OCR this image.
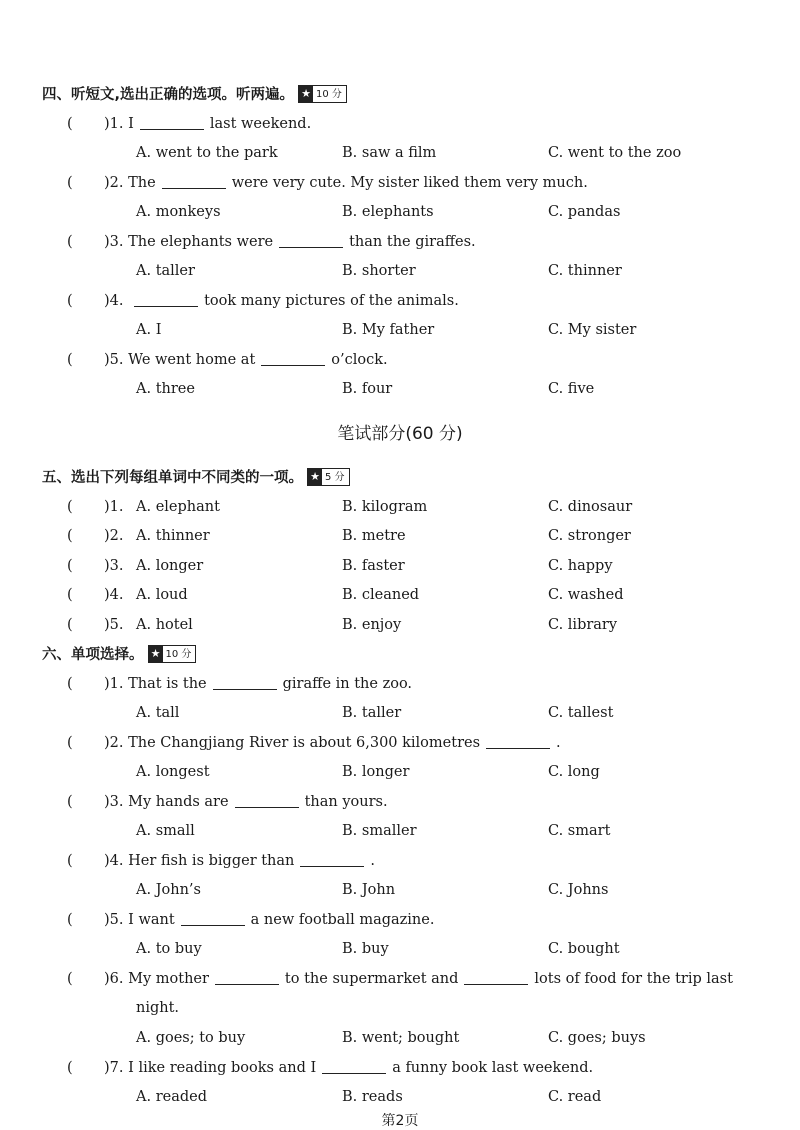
四、听短文,选出正确的选项。听两遍。 ★ 10 分
( )1. I	last weekend.
A. went to the park	B. saw a film	C. went to the zoo
( )2. The	were very cute. My sister liked them very much.
A. monkeys	B. elephants	C. pandas
( )3. The elephants were	than the giraffes.
A. taller	B. shorter	C. thinner
( )4.	took many pictures of the animals.
A. I	B. My father	C. My sister
( )5. We went home at	o’clock.
A. three	B. four	C. five
笔试部分(60 分)
五、选出下列每组单词中不同类的一项。 ★ 5 分
( )1. A. elephant	B. kilogram	C. dinosaur
( )2. A. thinner	B. metre	C. stronger
( )3. A. longer	B. faster	C. happy
( )4. A. loud	B. cleaned	C. washed
( )5. A. hotel	B. enjoy	C. library
六、单项选择。 ★ 10 分
( )1. That is the	giraffe in the zoo.
A. tall	B. taller	C. tallest
( )2. The Changjiang River is about 6,300 kilometres	.
A. longest	B. longer	C. long
( )3. My hands are	than yours.
A. small	B. smaller	C. smart
( )4. Her fish is bigger than	.
A. John’s	B. John	C. Johns
( )5. I want	a new football magazine.
A. to buy	B. buy	C. bought
( )6. My mother	to the supermarket and	lots of food for the trip last
night.
A. goes; to buy	B. went; bought	C. goes; buys
( )7. I like reading books and I	a funny book last weekend.
A. readed	B. reads	C. read
第2页
